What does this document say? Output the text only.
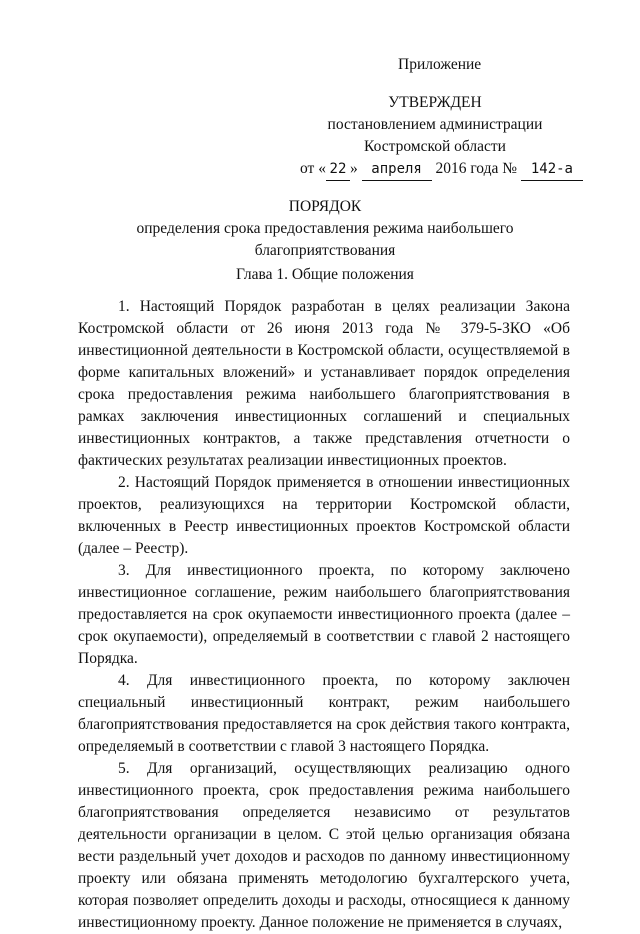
Приложение
УТВЕРЖДЕН
постановлением администрации
Костромской области
от « 22 » апреля 2016 года № 142-а
ПОРЯДОК
определения срока предоставления режима наибольшего благоприятствования
Глава 1. Общие положения

1. Настоящий Порядок разработан в целях реализации Закона Костромской области от 26 июня 2013 года № 379-5-ЗКО «Об инвестиционной деятельности в Костромской области, осуществляемой в форме капитальных вложений» и устанавливает порядок определения срока предоставления режима наибольшего благоприятствования в рамках заключения инвестиционных соглашений и специальных инвестиционных контрактов, а также представления отчетности о фактических результатах реализации инвестиционных проектов.

2. Настоящий Порядок применяется в отношении инвестиционных проектов, реализующихся на территории Костромской области, включенных в Реестр инвестиционных проектов Костромской области (далее – Реестр).

3. Для инвестиционного проекта, по которому заключено инвестиционное соглашение, режим наибольшего благоприятствования предоставляется на срок окупаемости инвестиционного проекта (далее – срок окупаемости), определяемый в соответствии с главой 2 настоящего Порядка.

4. Для инвестиционного проекта, по которому заключен специальный инвестиционный контракт, режим наибольшего благоприятствования предоставляется на срок действия такого контракта, определяемый в соответствии с главой 3 настоящего Порядка.

5. Для организаций, осуществляющих реализацию одного инвестиционного проекта, срок предоставления режима наибольшего благоприятствования определяется независимо от результатов деятельности организации в целом. С этой целью организация обязана вести раздельный учет доходов и расходов по данному инвестиционному проекту или обязана применять методологию бухгалтерского учета, которая позволяет определить доходы и расходы, относящиеся к данному инвестиционному проекту. Данное положение не применяется в случаях,
